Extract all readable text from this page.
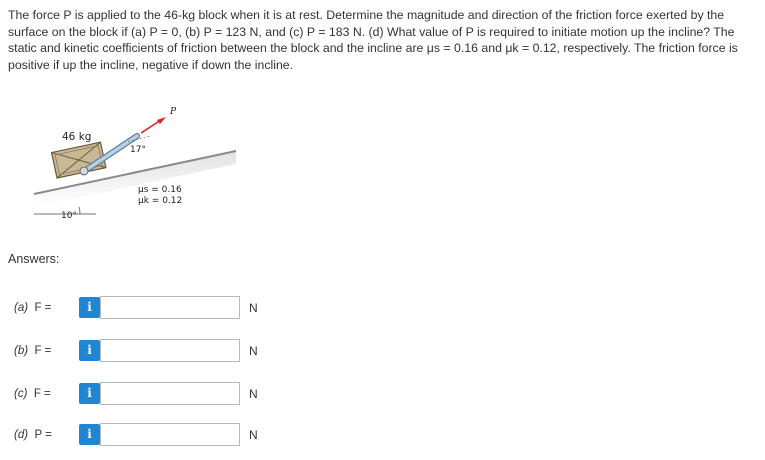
The force P is applied to the 46-kg block when it is at rest. Determine the magnitude and direction of the friction force exerted by the surface on the block if (a) P = 0, (b) P = 123 N, and (c) P = 183 N. (d) What value of P is required to initiate motion up the incline? The static and kinetic coefficients of friction between the block and the incline are μs = 0.16 and μk = 0.12, respectively. The friction force is positive if up the incline, negative if down the incline.
46 kg
P
17°
μs = 0.16
μk = 0.12
10°
Answers:
(a) F =	i	N
(b) F =	i	N
(c) F =	i	N
(d) P =	i	N
